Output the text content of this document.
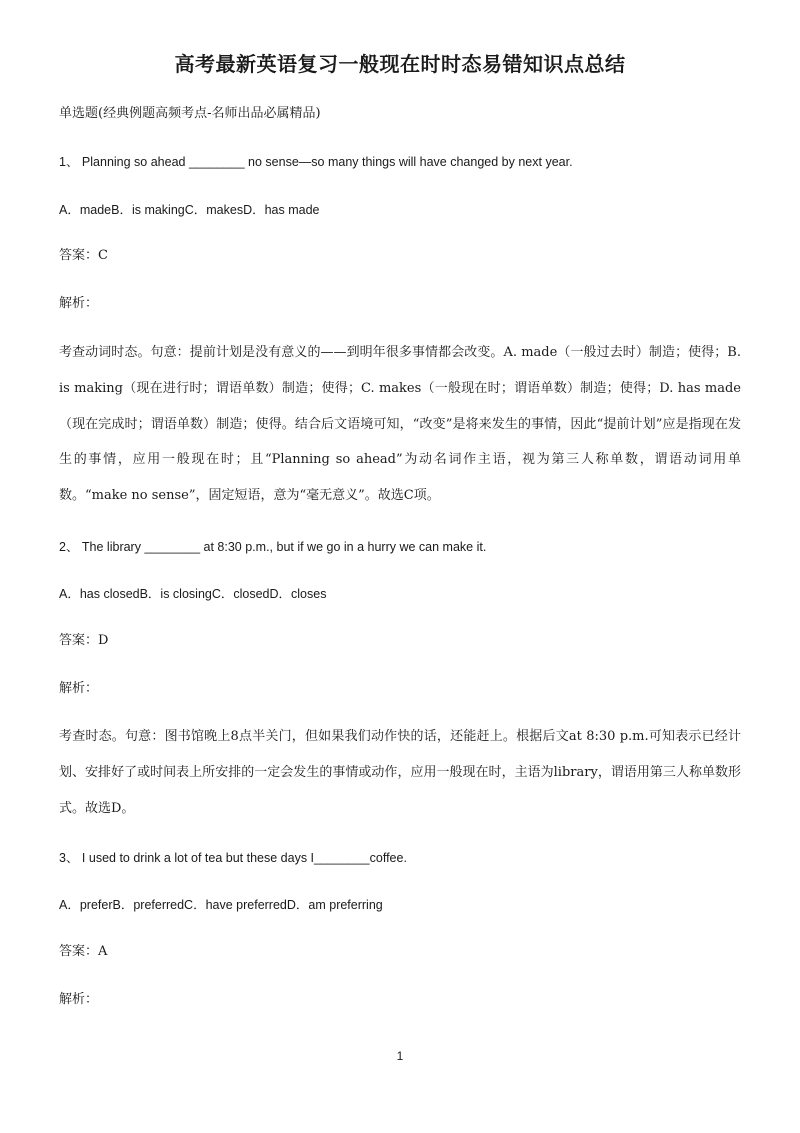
高考最新英语复习一般现在时时态易错知识点总结

单选题(经典例题高频考点-名师出品必属精品)

1、 Planning so ahead ________ no sense—so many things will have changed by next year.

A．madeB．is makingC．makesD．has made

答案：C

解析：

考查动词时态。句意：提前计划是没有意义的——到明年很多事情都会改变。A. made（一般过去时）制造；使得；B. is making（现在进行时；谓语单数）制造；使得；C. makes（一般现在时；谓语单数）制造；使得；D. has made（现在完成时；谓语单数）制造；使得。结合后文语境可知，“改变”是将来发生的事情，因此“提前计划”应是指现在发生的事情，应用一般现在时；且“Planning so ahead”为动名词作主语，视为第三人称单数，谓语动词用单数。“make no sense”，固定短语，意为“毫无意义”。故选C项。

2、 The library ________ at 8:30 p.m., but if we go in a hurry we can make it.

A．has closedB．is closingC．closedD．closes

答案：D

解析：

考查时态。句意：图书馆晚上8点半关门，但如果我们动作快的话，还能赶上。根据后文at 8:30 p.m.可知表示已经计划、安排好了或时间表上所安排的一定会发生的事情或动作，应用一般现在时，主语为library，谓语用第三人称单数形式。故选D。

3、 I used to drink a lot of tea but these days I________coffee.

A．preferB．preferredC．have preferredD．am preferring

答案：A

解析：

1
